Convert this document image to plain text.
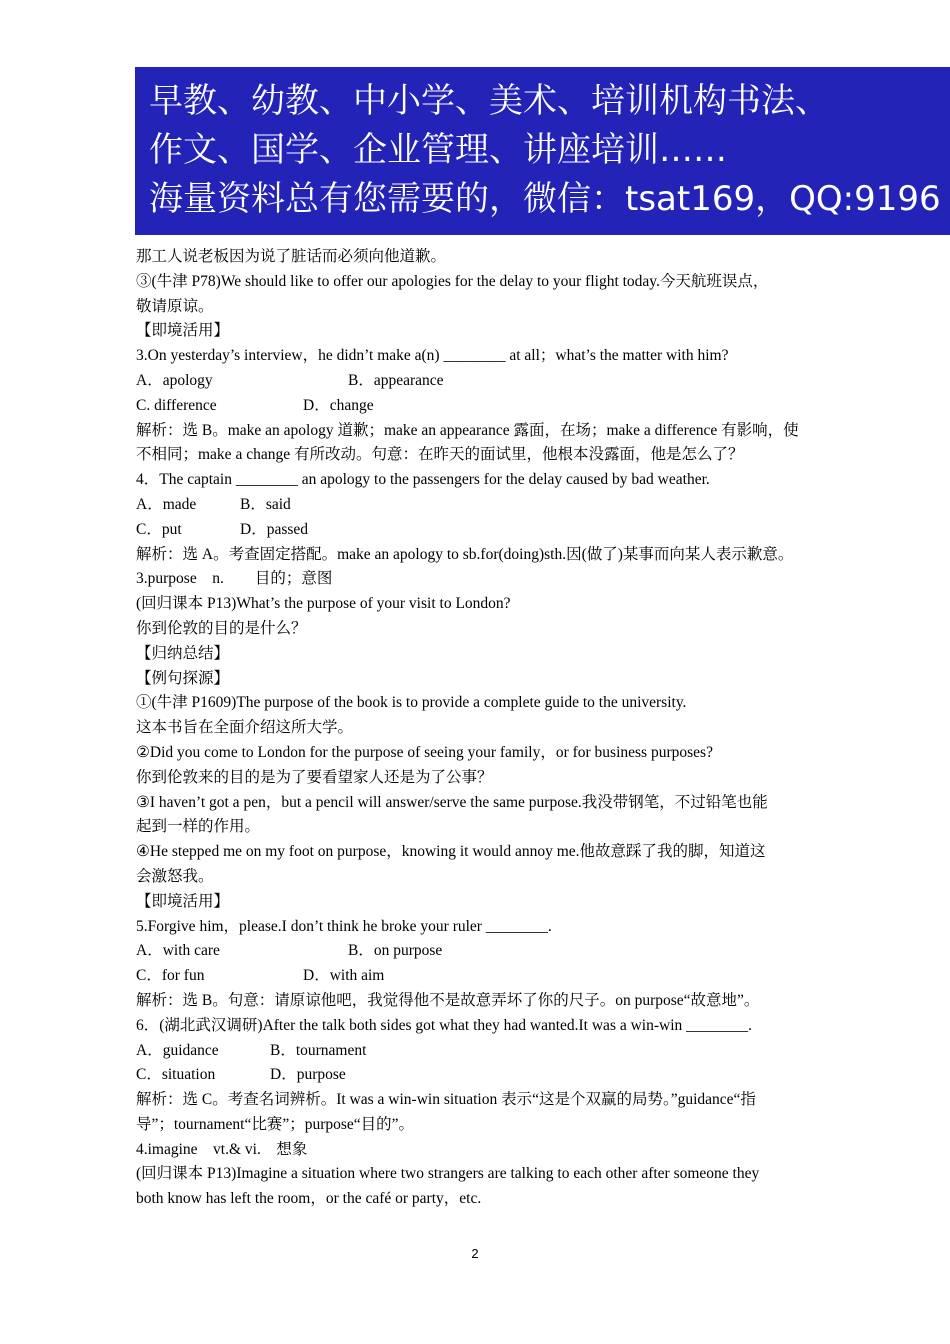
早教、幼教、中小学、美术、培训机构书法、
作文、国学、企业管理、讲座培训……
海量资料总有您需要的，微信：tsat169，QQ:9196
那工人说老板因为说了脏话而必须向他道歉。
③(牛津 P78)We should like to offer our apologies for the delay to your flight today.今天航班误点，
敬请原谅。
【即境活用】
3.On yesterday’s interview，he didn’t make a(n) ________ at all；what’s the matter with him?
A．apology	B．appearance
C. difference	D．change
解析：选 B。make an apology 道歉；make an appearance 露面，在场；make a difference 有影响，使
不相同；make a change 有所改动。句意：在昨天的面试里，他根本没露面，他是怎么了？
4．The captain ________ an apology to the passengers for the delay caused by bad weather.
A．made	B．said
C．put	D．passed
解析：选 A。考查固定搭配。make an apology to sb.for(doing)sth.因(做了)某事而向某人表示歉意。
3.purpose　n.　　目的；意图
(回归课本 P13)What’s the purpose of your visit to London?
你到伦敦的目的是什么？
【归纳总结】
【例句探源】
①(牛津 P1609)The purpose of the book is to provide a complete guide to the university.
这本书旨在全面介绍这所大学。
②Did you come to London for the purpose of seeing your family，or for business purposes?
你到伦敦来的目的是为了要看望家人还是为了公事？
③I haven’t got a pen，but a pencil will answer/serve the same purpose.我没带钢笔，不过铅笔也能
起到一样的作用。
④He stepped me on my foot on purpose，knowing it would annoy me.他故意踩了我的脚，知道这
会激怒我。
【即境活用】
5.Forgive him，please.I don’t think he broke your ruler ________.
A．with care	B．on purpose
C．for fun	D．with aim
解析：选 B。句意：请原谅他吧，我觉得他不是故意弄坏了你的尺子。on purpose“故意地”。
6．(湖北武汉调研)After the talk both sides got what they had wanted.It was a win-win ________.
A．guidance	B．tournament
C．situation	D．purpose
解析：选 C。考查名词辨析。It was a win-win situation 表示“这是个双赢的局势。”guidance“指
导”；tournament“比赛”；purpose“目的”。
4.imagine　vt.& vi.　想象
(回归课本 P13)Imagine a situation where two strangers are talking to each other after someone they
both know has left the room，or the café or party，etc.
2
